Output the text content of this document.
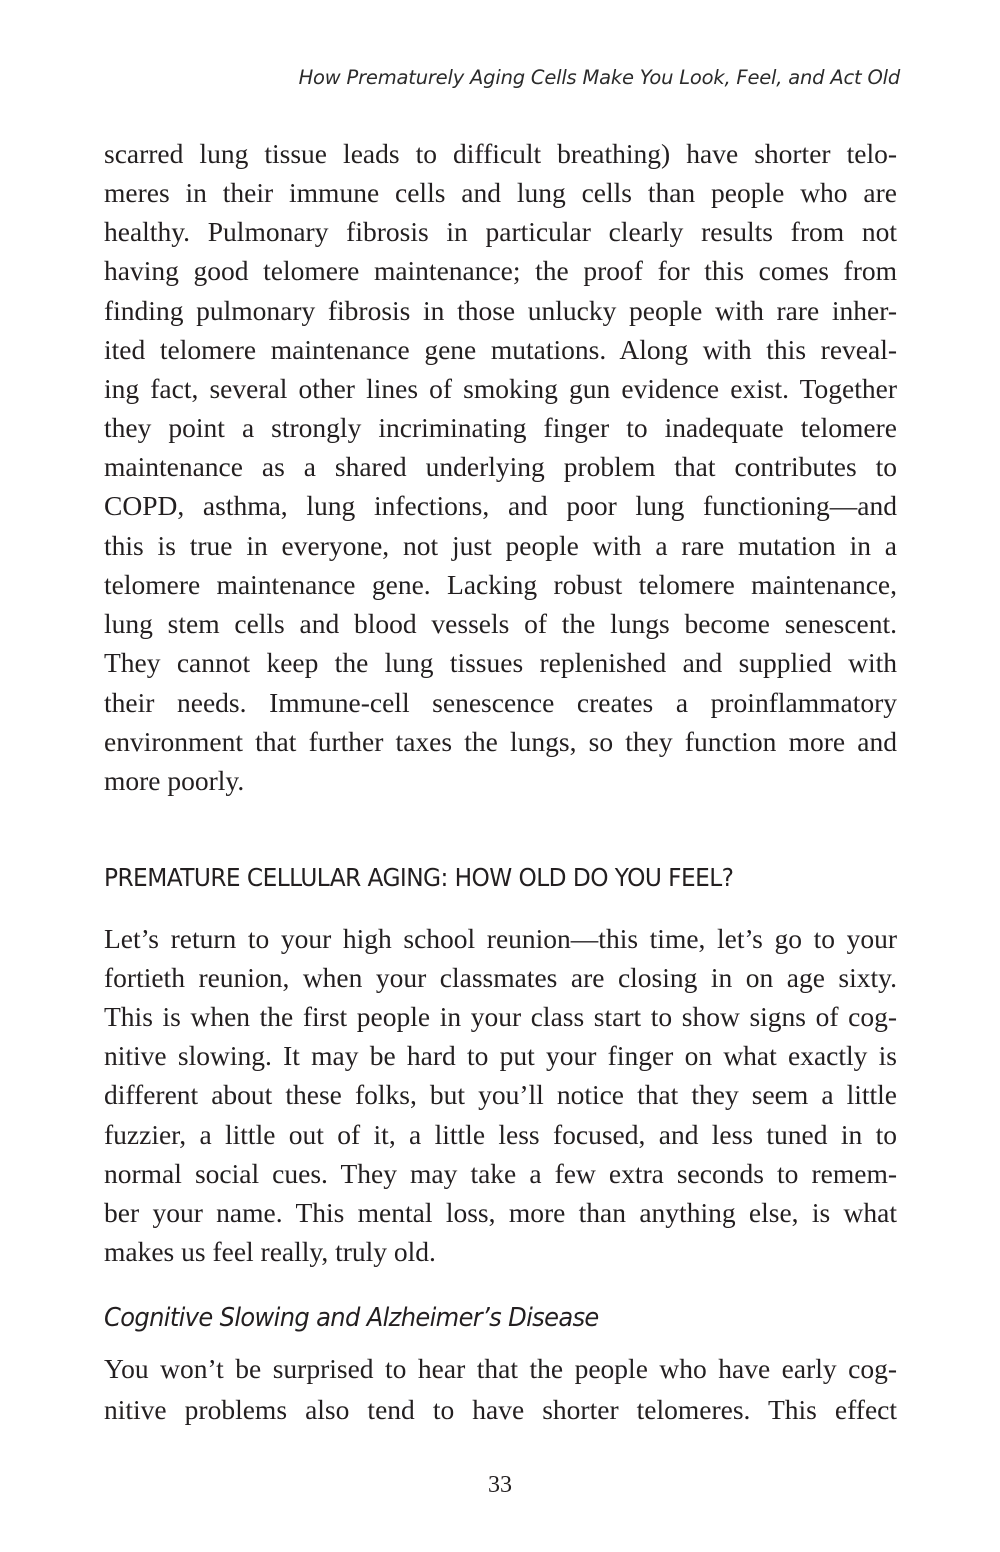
How Prematurely Aging Cells Make You Look, Feel, and Act Old
scarred lung tissue leads to difficult breathing) have shorter telo-
meres in their immune cells and lung cells than people who are
healthy. Pulmonary fibrosis in particular clearly results from not
having good telomere maintenance; the proof for this comes from
finding pulmonary fibrosis in those unlucky people with rare inher-
ited telomere maintenance gene mutations. Along with this reveal-
ing fact, several other lines of smoking gun evidence exist. Together
they point a strongly incriminating finger to inadequate telomere
maintenance as a shared underlying problem that contributes to
COPD, asthma, lung infections, and poor lung functioning—and
this is true in everyone, not just people with a rare mutation in a
telomere maintenance gene. Lacking robust telomere maintenance,
lung stem cells and blood vessels of the lungs become senescent.
They cannot keep the lung tissues replenished and supplied with
their needs. Immune-cell senescence creates a proinflammatory
environment that further taxes the lungs, so they function more and
more poorly.
PREMATURE CELLULAR AGING: HOW OLD DO YOU FEEL?
Let’s return to your high school reunion—this time, let’s go to your
fortieth reunion, when your classmates are closing in on age sixty.
This is when the first people in your class start to show signs of cog-
nitive slowing. It may be hard to put your finger on what exactly is
different about these folks, but you’ll notice that they seem a little
fuzzier, a little out of it, a little less focused, and less tuned in to
normal social cues. They may take a few extra seconds to remem-
ber your name. This mental loss, more than anything else, is what
makes us feel really, truly old.
Cognitive Slowing and Alzheimer’s Disease
You won’t be surprised to hear that the people who have early cog-
nitive problems also tend to have shorter telomeres. This effect
33
